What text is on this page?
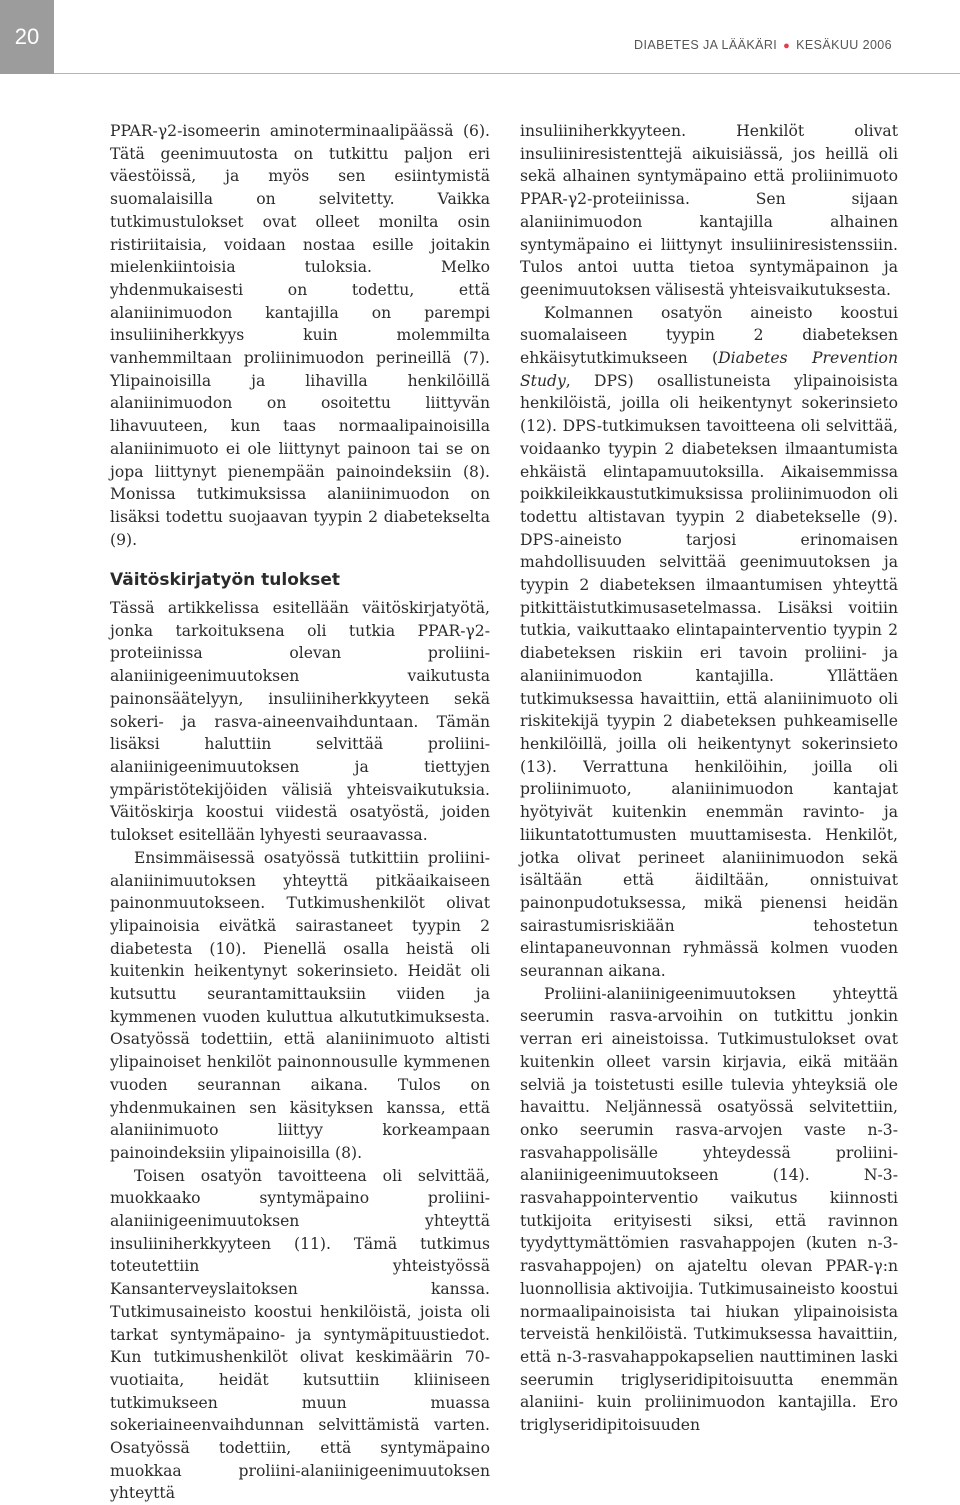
20	DIABETES JA LÄÄKÄRI ● KESÄKUU 2006

PPAR-γ2-isomeerin aminoterminaalipäässä (6). Tätä geenimuutosta on tutkittu paljon eri väestöissä, ja myös sen esiintymistä suomalaisilla on selvitetty. Vaikka tutkimustulokset ovat olleet monilta osin ristiriitaisia, voidaan nostaa esille joitakin mielenkiintoisia tuloksia. Melko yhdenmukaisesti on todettu, että alaniinimuodon kantajilla on parempi insuliiniherkkyys kuin molemmilta vanhemmiltaan proliinimuodon perineillä (7). Ylipainoisilla ja lihavilla henkilöillä alaniinimuodon on osoitettu liittyvän lihavuuteen, kun taas normaalipainoisilla alaniinimuoto ei ole liittynyt painoon tai se on jopa liittynyt pienempään painoindeksiin (8). Monissa tutkimuksissa alaniinimuodon on lisäksi todettu suojaavan tyypin 2 diabetekselta (9).

Väitöskirjatyön tulokset

Tässä artikkelissa esitellään väitöskirjatyötä, jonka tarkoituksena oli tutkia PPAR-γ2-proteiinissa olevan proliini-alaniinigeenimuutoksen vaikutusta painonsäätelyyn, insuliiniherkkyyteen sekä sokeri- ja rasva-aineenvaihduntaan. Tämän lisäksi haluttiin selvittää proliini-alaniinigeenimuutoksen ja tiettyjen ympäristötekijöiden välisiä yhteisvaikutuksia. Väitöskirja koostui viidestä osatyöstä, joiden tulokset esitellään lyhyesti seuraavassa.

Ensimmäisessä osatyössä tutkittiin proliini-alaniinimuutoksen yhteyttä pitkäaikaiseen painonmuutokseen. Tutkimushenkilöt olivat ylipainoisia eivätkä sairastaneet tyypin 2 diabetesta (10). Pienellä osalla heistä oli kuitenkin heikentynyt sokerinsieto. Heidät oli kutsuttu seurantamittauksiin viiden ja kymmenen vuoden kuluttua alkututkimuksesta. Osatyössä todettiin, että alaniinimuoto altisti ylipainoiset henkilöt painonnousulle kymmenen vuoden seurannan aikana. Tulos on yhdenmukainen sen käsityksen kanssa, että alaniinimuoto liittyy korkeampaan painoindeksiin ylipainoisilla (8).

Toisen osatyön tavoitteena oli selvittää, muokkaako syntymäpaino proliini-alaniinigeenimuutoksen yhteyttä insuliiniherkkyyteen (11). Tämä tutkimus toteutettiin yhteistyössä Kansanterveyslaitoksen kanssa. Tutkimusaineisto koostui henkilöistä, joista oli tarkat syntymäpaino- ja syntymäpituustiedot. Kun tutkimushenkilöt olivat keskimäärin 70-vuotiaita, heidät kutsuttiin kliiniseen tutkimukseen muun muassa sokeriaineenvaihdunnan selvittämistä varten. Osatyössä todettiin, että syntymäpaino muokkaa proliini-alaniinigeenimuutoksen yhteyttä

insuliiniherkkyyteen. Henkilöt olivat insuliiniresistenttejä aikuisiässä, jos heillä oli sekä alhainen syntymäpaino että proliinimuoto PPAR-γ2-proteiinissa. Sen sijaan alaniinimuodon kantajilla alhainen syntymäpaino ei liittynyt insuliiniresistenssiin. Tulos antoi uutta tietoa syntymäpainon ja geenimuutoksen välisestä yhteisvaikutuksesta.

Kolmannen osatyön aineisto koostui suomalaiseen tyypin 2 diabeteksen ehkäisytutkimukseen (Diabetes Prevention Study, DPS) osallistuneista ylipainoisista henkilöistä, joilla oli heikentynyt sokerinsieto (12). DPS-tutkimuksen tavoitteena oli selvittää, voidaanko tyypin 2 diabeteksen ilmaantumista ehkäistä elintapamuutoksilla. Aikaisemmissa poikkileikkaustutkimuksissa proliinimuodon oli todettu altistavan tyypin 2 diabetekselle (9). DPS-aineisto tarjosi erinomaisen mahdollisuuden selvittää geenimuutoksen ja tyypin 2 diabeteksen ilmaantumisen yhteyttä pitkittäistutkimusasetelmassa. Lisäksi voitiin tutkia, vaikuttaako elintapainterventio tyypin 2 diabeteksen riskiin eri tavoin proliini- ja alaniinimuodon kantajilla. Yllättäen tutkimuksessa havaittiin, että alaniinimuoto oli riskitekijä tyypin 2 diabeteksen puhkeamiselle henkilöillä, joilla oli heikentynyt sokerinsieto (13). Verrattuna henkilöihin, joilla oli proliinimuoto, alaniinimuodon kantajat hyötyivät kuitenkin enemmän ravinto- ja liikuntatottumusten muuttamisesta. Henkilöt, jotka olivat perineet alaniinimuodon sekä isältään että äidiltään, onnistuivat painonpudotuksessa, mikä pienensi heidän sairastumisriskiään tehostetun elintapaneuvonnan ryhmässä kolmen vuoden seurannan aikana.

Proliini-alaniinigeenimuutoksen yhteyttä seerumin rasva-arvoihin on tutkittu jonkin verran eri aineistoissa. Tutkimustulokset ovat kuitenkin olleet varsin kirjavia, eikä mitään selviä ja toistetusti esille tulevia yhteyksiä ole havaittu. Neljännessä osatyössä selvitettiin, onko seerumin rasva-arvojen vaste n-3-rasvahappolisälle yhteydessä proliini-alaniinigeenimuutokseen (14). N-3-rasvahappointerventio vaikutus kiinnosti tutkijoita erityisesti siksi, että ravinnon tyydyttymättömien rasvahappojen (kuten n-3-rasvahappojen) on ajateltu olevan PPAR-γ:n luonnollisia aktivoijia. Tutkimusaineisto koostui normaalipainoisista tai hiukan ylipainoisista terveistä henkilöistä. Tutkimuksessa havaittiin, että n-3-rasvahappokapselien nauttiminen laski seerumin triglyseridipitoisuutta enemmän alaniini- kuin proliinimuodon kantajilla. Ero triglyseridipitoisuuden
